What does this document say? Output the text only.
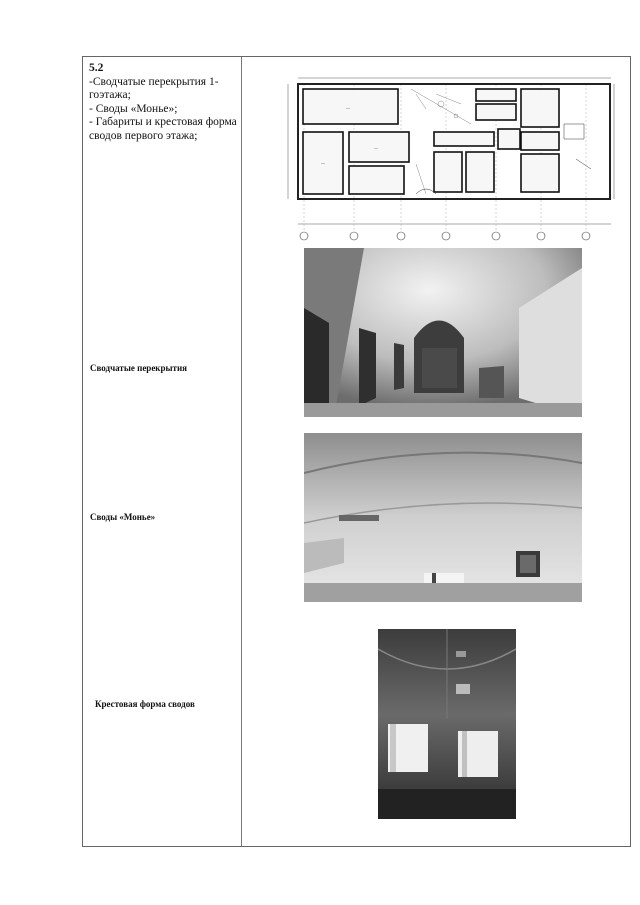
5.2
-Сводчатые перекрытия 1-гоэтажа;
- Своды «Монье»;
- Габариты и крестовая форма сводов первого этажа;
Сводчатые перекрытия
Своды «Монье»
Крестовая форма сводов
—
—
—
